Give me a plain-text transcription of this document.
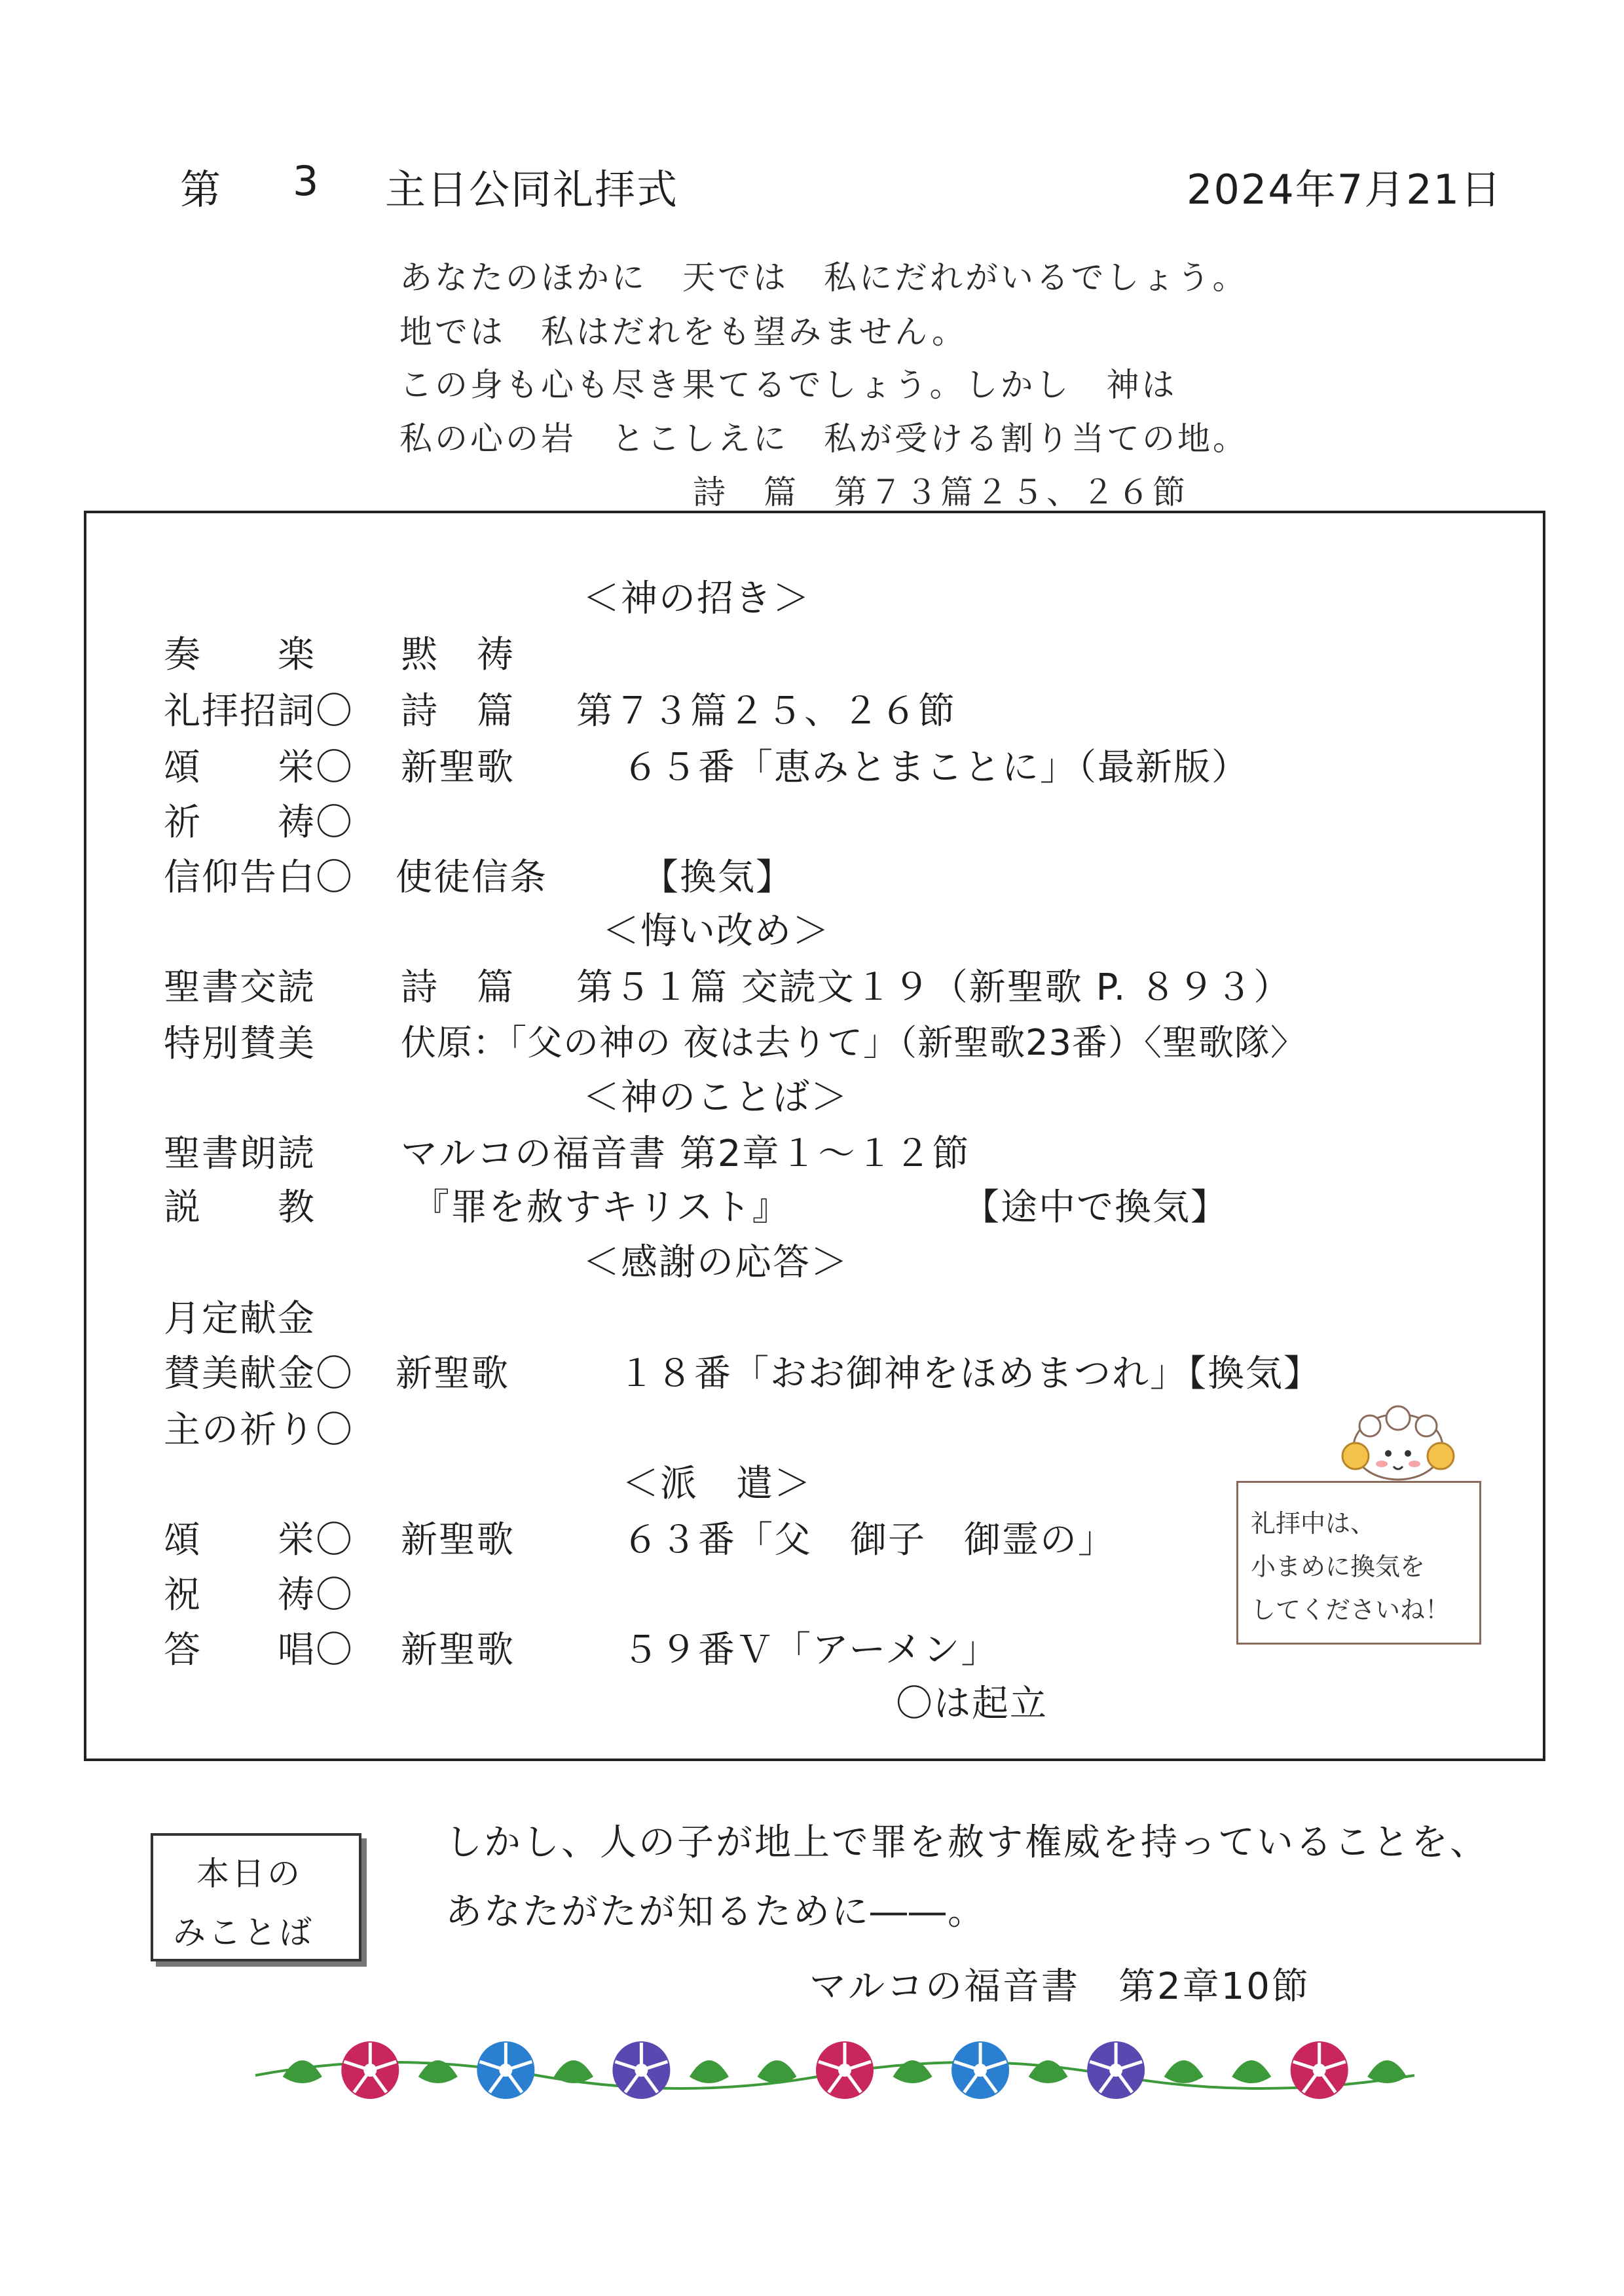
第 3 主日公同礼拝式	2024年7月21日
あなたのほかに　天では　私にだれがいるでしょう。
地では　私はだれをも望みません。
この身も心も尽き果てるでしょう。しかし　神は
私の心の岩　とこしえに　私が受ける割り当ての地。
詩　篇　第７３篇２５、２６節
＜神の招き＞
奏　　楽 黙　祷
礼拝招詞〇 詩　篇 第７３篇２５、２６節
頌　　栄〇 新聖歌	６５番「恵みとまことに」（最新版）
祈　　祷〇
信仰告白〇 使徒信条	【換気】
＜悔い改め＞
聖書交読 詩　篇 第５１篇 交読文１９（新聖歌 P. ８９３）
特別賛美 伏原：「父の神の 夜は去りて」（新聖歌23番）〈聖歌隊〉
＜神のことば＞
聖書朗読 マルコの福音書 第2章１～１２節
説　　教	『罪を赦すキリスト』	【途中で換気】
＜感謝の応答＞
月定献金
賛美献金〇 新聖歌	１８番「おお御神をほめまつれ」【換気】
主の祈り〇
＜派　遣＞
頌　　栄〇 新聖歌	６３番「父　御子　御霊の」
祝　　祷〇
答　　唱〇 新聖歌	５９番Ｖ「アーメン」
〇は起立
礼拝中は、
小まめに換気を
してくださいね！
本日の
みことば
しかし、人の子が地上で罪を赦す権威を持っていることを、
あなたがたが知るために――。
マルコの福音書　第2章10節
